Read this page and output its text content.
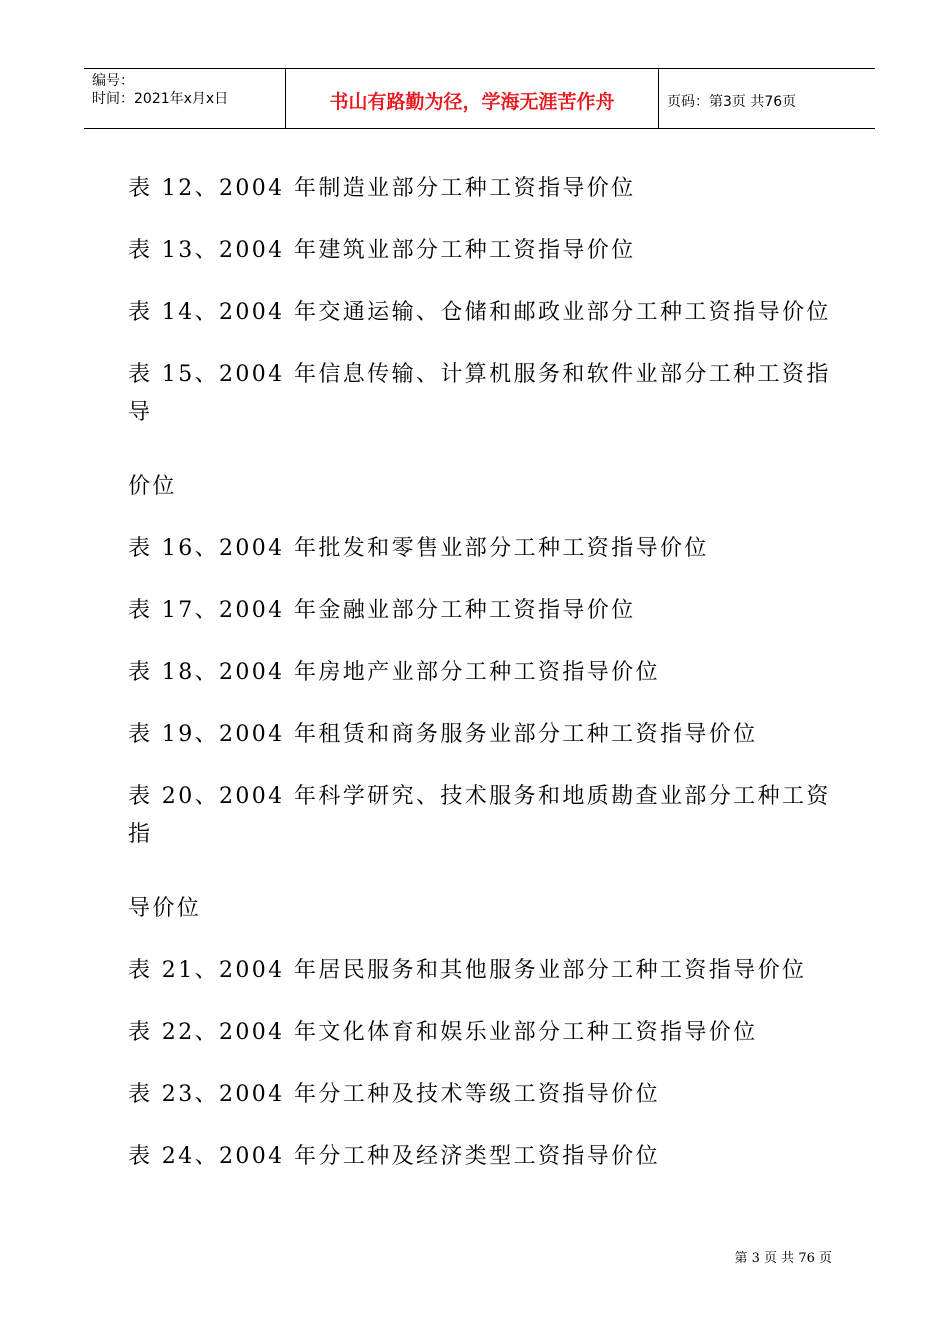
编号：
时间：2021年x月x日	书山有路勤为径，学海无涯苦作舟	页码：第3页 共76页
表 12、2004 年制造业部分工种工资指导价位
表 13、2004 年建筑业部分工种工资指导价位
表 14、2004 年交通运输、仓储和邮政业部分工种工资指导价位
表 15、2004 年信息传输、计算机服务和软件业部分工种工资指导
价位
表 16、2004 年批发和零售业部分工种工资指导价位
表 17、2004 年金融业部分工种工资指导价位
表 18、2004 年房地产业部分工种工资指导价位
表 19、2004 年租赁和商务服务业部分工种工资指导价位
表 20、2004 年科学研究、技术服务和地质勘查业部分工种工资指
导价位
表 21、2004 年居民服务和其他服务业部分工种工资指导价位
表 22、2004 年文化体育和娱乐业部分工种工资指导价位
表 23、2004 年分工种及技术等级工资指导价位
表 24、2004 年分工种及经济类型工资指导价位
第 3 页 共 76 页
